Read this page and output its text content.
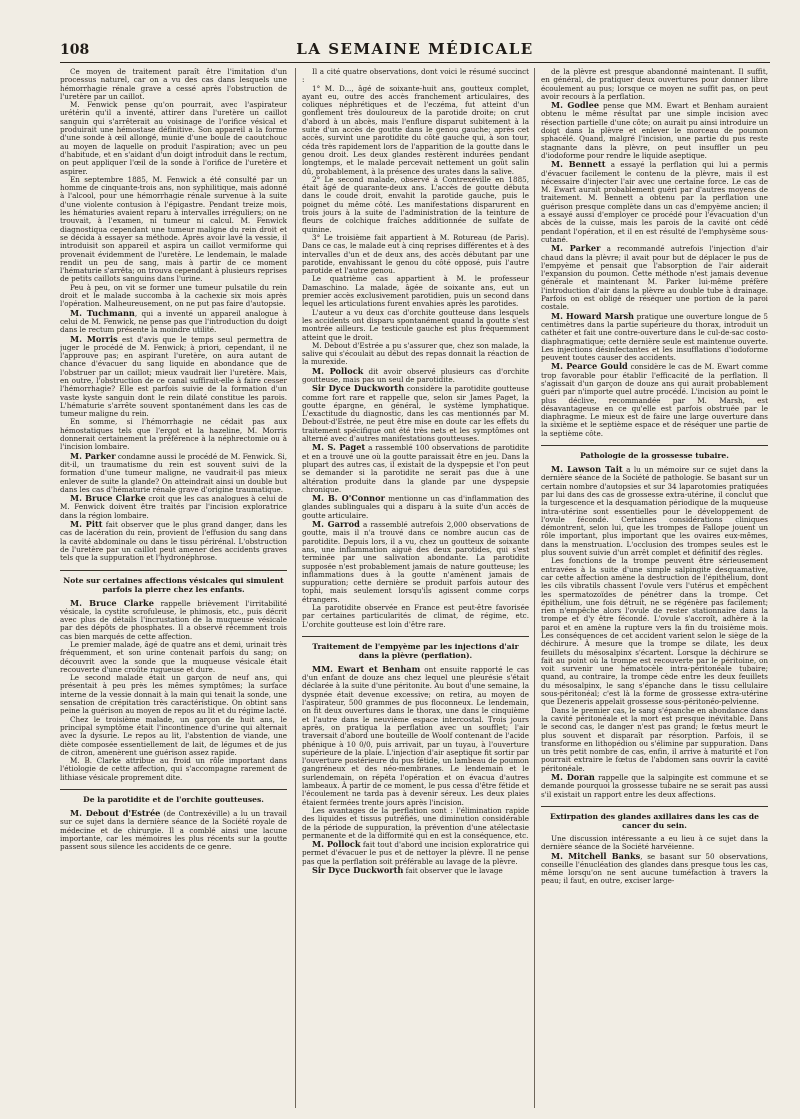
108	LA SEMAINE MÉDICALE

Ce moyen de traitement paraît être l'imitation d'un processus naturel, car on a vu des cas dans lesquels une hémorrhagie rénale grave a cessé après l'obstruction de l'uretère par un caillot.

M. Fenwick pense qu'on pourrait, avec l'aspirateur urétérin qu'il a inventé, attirer dans l'uretère un caillot sanguin qui s'arrêterait au voisinage de l'orifice vésical et produirait une hémostase définitive. Son appareil a la forme d'une sonde à œil allongé, munie d'une boule de caoutchouc au moyen de laquelle on produit l'aspiration; avec un peu d'habitude, et en s'aidant d'un doigt introduit dans le rectum, on peut appliquer l'œil de la sonde à l'orifice de l'uretère et aspirer.

En septembre 1885, M. Fenwick a été consulté par un homme de cinquante-trois ans, non syphilitique, mais adonné à l'alcool, pour une hémorrhagie rénale survenue à la suite d'une violente contusion à l'épigastre. Pendant treize mois, les hématuries avaient reparu à intervalles irréguliers; on ne trouvait, à l'examen, ni tumeur ni calcul. M. Fenwick diagnostiqua cependant une tumeur maligne du rein droit et se décida à essayer sa méthode. Après avoir lavé la vessie, il introduisit son appareil et aspira un caillot vermiforme qui provenait évidemment de l'uretère. Le lendemain, le malade rendit un peu de sang, mais à partir de ce moment l'hématurie s'arrêta; on trouva cependant à plusieurs reprises de petits caillots sanguins dans l'urine.

Peu à peu, on vit se former une tumeur pulsatile du rein droit et le malade succomba à la cachexie six mois après l'opération. Malheureusement, on ne put pas faire d'autopsie.

M. Tuchmann, qui a inventé un appareil analogue à celui de M. Fenwick, ne pense pas que l'introduction du doigt dans le rectum présente la moindre utilité.

M. Morris est d'avis que le temps seul permettra de juger le procédé de M. Fenwick; à priori, cependant, il ne l'approuve pas; en aspirant l'uretère, on aura autant de chance d'évacuer du sang liquide en abondance que de l'obstruer par un caillot; mieux vaudrait lier l'uretère. Mais, en outre, l'obstruction de ce canal suffirait-elle à faire cesser l'hémorrhagie? Elle est parfois suivie de la formation d'un vaste kyste sanguin dont le rein dilaté constitue les parois. L'hématurie s'arrête souvent spontanément dans les cas de tumeur maligne du rein.

En somme, si l'hémorrhagie ne cédait pas aux hémostatiques tels que l'ergot et la hazeline, M. Morris donnerait certainement la préférence à la néphrectomie ou à l'incision lombaire.

M. Parker condamne aussi le procédé de M. Fenwick. Si, dit-il, un traumatisme du rein est souvent suivi de la formation d'une tumeur maligne, ne vaudrait-il pas mieux enlever de suite la glande? On atteindrait ainsi un double but dans les cas d'hématurie rénale grave d'origine traumatique.

M. Bruce Clarke croit que les cas analogues à celui de M. Fenwick doivent être traités par l'incision exploratrice dans la région lombaire.

M. Pitt fait observer que le plus grand danger, dans les cas de lacération du rein, provient de l'effusion du sang dans la cavité abdominale ou dans le tissu périrénal. L'obstruction de l'uretère par un caillot peut amener des accidents graves tels que la suppuration et l'hydronéphrose.

Note sur certaines affections vésicales qui simulent parfois la pierre chez les enfants.

M. Bruce Clarke rappelle brièvement l'irritabilité vésicale, la cystite scrofuleuse, le phimosis, etc., puis décrit avec plus de détails l'incrustation de la muqueuse vésicale par des dépôts de phosphates. Il a observé récemment trois cas bien marqués de cette affection.

Le premier malade, âgé de quatre ans et demi, urinait très fréquemment, et son urine contenait parfois du sang; on découvrit avec la sonde que la muqueuse vésicale était recouverte d'une croûte rugueuse et dure.

Le second malade était un garçon de neuf ans, qui présentait à peu près les mêmes symptômes; la surface interne de la vessie donnait à la main qui tenait la sonde, une sensation de crépitation très caractéristique. On obtint sans peine la guérison au moyen de repos au lit et du régime lacté.

Chez le troisième malade, un garçon de huit ans, le principal symptôme était l'incontinence d'urine qui alternait avec la dysurie. Le repos au lit, l'abstention de viande, une diète composée essentiellement de lait, de légumes et de jus de citron, amenèrent une guérison assez rapide.

M. B. Clarke attribue au froid un rôle important dans l'étiologie de cette affection, qui s'accompagne rarement de lithiase vésicale proprement dite.

De la parotidite et de l'orchite goutteuses.

M. Debout d'Estrée (de Contrexéville) a lu un travail sur ce sujet dans la dernière séance de la Société royale de médecine et de chirurgie. Il a comblé ainsi une lacune importante, car les mémoires les plus récents sur la goutte passent sous silence les accidents de ce genre.

Il a cité quatre observations, dont voici le résumé succinct :

1° M. D..., âgé de soixante-huit ans, goutteux complet, ayant eu, outre des accès franchement articulaires, des coliques néphrétiques et de l'eczéma, fut atteint d'un gonflement très douloureux de la parotide droite; on crut d'abord à un abcès, mais l'enflure disparut subitement à la suite d'un accès de goutte dans le genou gauche; après cet accès, survint une parotidite du côté gauche qui, à son tour, céda très rapidement lors de l'apparition de la goutte dans le genou droit. Les deux glandes restèrent indurées pendant longtemps, et le malade percevait nettement un goût salin dû, probablement, à la présence des urates dans la salive.

2° Le second malade, observé à Contrexéville en 1885, était âgé de quarante-deux ans. L'accès de goutte débuta dans le coude droit, envahit la parotide gauche, puis le poignet du même côté. Les manifestations disparurent en trois jours à la suite de l'administration de la teinture de fleurs de colchique fraîches additionnée de sulfate de quinine.

3° Le troisième fait appartient à M. Rotureau (de Paris). Dans ce cas, le malade eut à cinq reprises différentes et à des intervalles d'un et de deux ans, des accès débutant par une parotide, envahissant le genou du côté opposé, puis l'autre parotide et l'autre genou.

Le quatrième cas appartient à M. le professeur Damaschino. La malade, âgée de soixante ans, eut un premier accès exclusivement parotidien, puis un second dans lequel les articulations furent envahies après les parotides.

L'auteur a vu deux cas d'orchite goutteuse dans lesquels les accidents ont disparu spontanément quand la goutte s'est montrée ailleurs. Le testicule gauche est plus fréquemment atteint que le droit.

M. Debout d'Estrée a pu s'assurer que, chez son malade, la salive qui s'écoulait au début des repas donnait la réaction de la murexide.

M. Pollock dit avoir observé plusieurs cas d'orchite goutteuse, mais pas un seul de parotidite.

Sir Dyce Duckworth considère la parotidite goutteuse comme fort rare et rappelle que, selon sir James Paget, la goutte épargne, en général, le système lymphatique. L'exactitude du diagnostic, dans les cas mentionnés par M. Debout-d'Estrée, ne peut être mise en doute car les effets du traitement spécifique ont été très nets et les symptômes ont alterné avec d'autres manifestations goutteuses.

M. S. Paget a rassemblé 100 observations de parotidite et en a trouvé une où la goutte paraissait être en jeu. Dans la plupart des autres cas, il existait de la dyspepsie et l'on peut se demander si la parotidite ne serait pas due à une altération produite dans la glande par une dyspepsie chronique.

M. B. O'Connor mentionne un cas d'inflammation des glandes sublinguales qui a disparu à la suite d'un accès de goutte articulaire.

M. Garrod a rassemblé autrefois 2,000 observations de goutte, mais il n'a trouvé dans ce nombre aucun cas de parotidite. Depuis lors, il a vu, chez un goutteux de soixante ans, une inflammation aiguë des deux parotides, qui s'est terminée par une salivation abondante. La parotidite supposée n'est probablement jamais de nature goutteuse; les inflammations dues à la goutte n'amènent jamais de suppuration; cette dernière se produit parfois autour des tophi, mais seulement lorsqu'ils agissent comme corps étrangers.

La parotidite observée en France est peut-être favorisée par certaines particularités de climat, de régime, etc. L'orchite goutteuse est loin d'être rare.

Traitement de l'empyème par les injections d'air dans la plèvre (perflation).

MM. Ewart et Benham ont ensuite rapporté le cas d'un enfant de douze ans chez lequel une pleurésie s'était déclarée à la suite d'une péritonite. Au bout d'une semaine, la dyspnée était devenue excessive; on retira, au moyen de l'aspirateur, 500 grammes de pus floconneux. Le lendemain, on fit deux ouvertures dans le thorax, une dans le cinquième et l'autre dans le neuvième espace intercostal. Trois jours après, on pratiqua la perflation avec un soufflet; l'air traversait d'abord une bouteille de Woolf contenant de l'acide phénique à 10 0/0, puis arrivait, par un tuyau, à l'ouverture supérieure de la plaie. L'injection d'air aseptique fit sortir par l'ouverture postérieure du pus fétide, un lambeau de poumon gangréneux et des néo-membranes. Le lendemain et le surlendemain, on répéta l'opération et on évacua d'autres lambeaux. À partir de ce moment, le pus cessa d'être fétide et l'écoulement ne tarda pas à devenir séreux. Les deux plaies étaient fermées trente jours après l'incision.

Les avantages de la perflation sont : l'élimination rapide des liquides et tissus putréfiés, une diminution considérable de la période de suppuration, la prévention d'une atélectasie permanente et de la difformité qui en est la conséquence, etc.

M. Pollock fait tout d'abord une incision exploratrice qui permet d'évacuer le pus et de nettoyer la plèvre. Il ne pense pas que la perflation soit préférable au lavage de la plèvre.

Sir Dyce Duckworth fait observer que le lavage

de la plèvre est presque abandonné maintenant. Il suffit, en général, de pratiquer deux ouvertures pour donner libre écoulement au pus; lorsque ce moyen ne suffit pas, on peut avoir recours à la perflation.

M. Godlee pense que MM. Ewart et Benham auraient obtenu le même résultat par une simple incision avec résection partielle d'une côte; on aurait pu ainsi introduire un doigt dans la plèvre et enlever le morceau de poumon sphacélé. Quand, malgré l'incision, une partie du pus reste stagnante dans la plèvre, on peut insuffler un peu d'iodoforme pour rendre le liquide aseptique.

M. Bennett a essayé la perflation qui lui a permis d'évacuer facilement le contenu de la plèvre, mais il est nécessaire d'injecter l'air avec une certaine force. Le cas de M. Ewart aurait probablement guéri par d'autres moyens de traitement. M. Bennett a obtenu par la perflation une guérison presque complète dans un cas d'empyème ancien; il a essayé aussi d'employer ce procédé pour l'évacuation d'un abcès de la cuisse, mais les parois de la cavité ont cédé pendant l'opération, et il en est résulté de l'emphysème sous-cutané.

M. Parker a recommandé autrefois l'injection d'air chaud dans la plèvre; il avait pour but de déplacer le pus de l'empyème et pensait que l'absorption de l'air aiderait l'expansion du poumon. Cette méthode n'est jamais devenue générale et maintenant M. Parker lui-même préfère l'introduction d'air dans la plèvre au double tube à drainage. Parfois on est obligé de réséquer une portion de la paroi costale.

M. Howard Marsh pratique une ouverture longue de 5 centimètres dans la partie supérieure du thorax, introduit un cathéter et fait une contre-ouverture dans le cul-de-sac costo-diaphragmatique; cette dernière seule est maintenue ouverte. Les injections désinfectantes et les insufflations d'iodoforme peuvent toutes causer des accidents.

M. Pearce Gould considère le cas de M. Ewart comme trop favorable pour établir l'efficacité de la perflation. Il s'agissait d'un garçon de douze ans qui aurait probablement guéri par n'importe quel autre procédé. L'incision au point le plus déclive, recommandée par M. Marsh, est désavantageuse en ce qu'elle est parfois obstruée par le diaphragme. Le mieux est de faire une large ouverture dans la sixième et le septième espace et de réséquer une partie de la septième côte.

Pathologie de la grossesse tubaire.

M. Lawson Tait a lu un mémoire sur ce sujet dans la dernière séance de la Société de pathologie. Se basant sur un certain nombre d'autopsies et sur 34 laparotomies pratiquées par lui dans des cas de grossesse extra-utérine, il conclut que la turgescence et la desquamation périodique de la muqueuse intra-utérine sont essentielles pour le développement de l'ovule fécondé. Certaines considérations cliniques démontrent, selon lui, que les trompes de Fallope jouent un rôle important, plus important que les ovaires eux-mêmes, dans la menstruation. L'occlusion des trompes seules est le plus souvent suivie d'un arrêt complet et définitif des règles.

Les fonctions de la trompe peuvent être sérieusement entravées à la suite d'une simple salpingite desquamative, car cette affection amène la destruction de l'épithélium, dont les cils vibratils chassent l'ovule vers l'utérus et empêchent les spermatozoïdes de pénétrer dans la trompe. Cet épithélium, une fois détruit, ne se régénère pas facilement; rien n'empêche alors l'ovule de rester stationnaire dans la trompe et d'y être fécondé. L'ovule s'accroît, adhère à la paroi et en amène la rupture vers la fin du troisième mois. Les conséquences de cet accident varient selon le siège de la déchirure. À mesure que la trompe se dilate, les deux feuillets du mésosalpinx s'écartent. Lorsque la déchirure se fait au point où la trompe est recouverte par le péritoine, on voit survenir une hématocèle intra-péritonéale tubaire; quand, au contraire, la trompe cède entre les deux feuillets du mésosalpinx, le sang s'épanche dans le tissu cellulaire sous-péritonéal; c'est là la forme de grossesse extra-utérine que Dezeneris appelait grossesse sous-péritonéo-pelvienne.

Dans le premier cas, le sang s'épanche en abondance dans la cavité péritonéale et la mort est presque inévitable. Dans le second cas, le danger n'est pas grand; le fœtus meurt le plus souvent et disparaît par résorption. Parfois, il se transforme en lithopédion ou s'élimine par suppuration. Dans un très petit nombre de cas, enfin, il arrive à maturité et l'on pourrait extraire le fœtus de l'abdomen sans ouvrir la cavité péritonéale.

M. Doran rappelle que la salpingite est commune et se demande pourquoi la grossesse tubaire ne se serait pas aussi s'il existait un rapport entre les deux affections.

Extirpation des glandes axillaires dans les cas de cancer du sein.

Une discussion intéressante a eu lieu à ce sujet dans la dernière séance de la Société harvéienne.

M. Mitchell Banks, se basant sur 50 observations, conseille l'énucléation des glandes dans presque tous les cas, même lorsqu'on ne sent aucune tuméfaction à travers la peau; il faut, en outre, exciser large-
